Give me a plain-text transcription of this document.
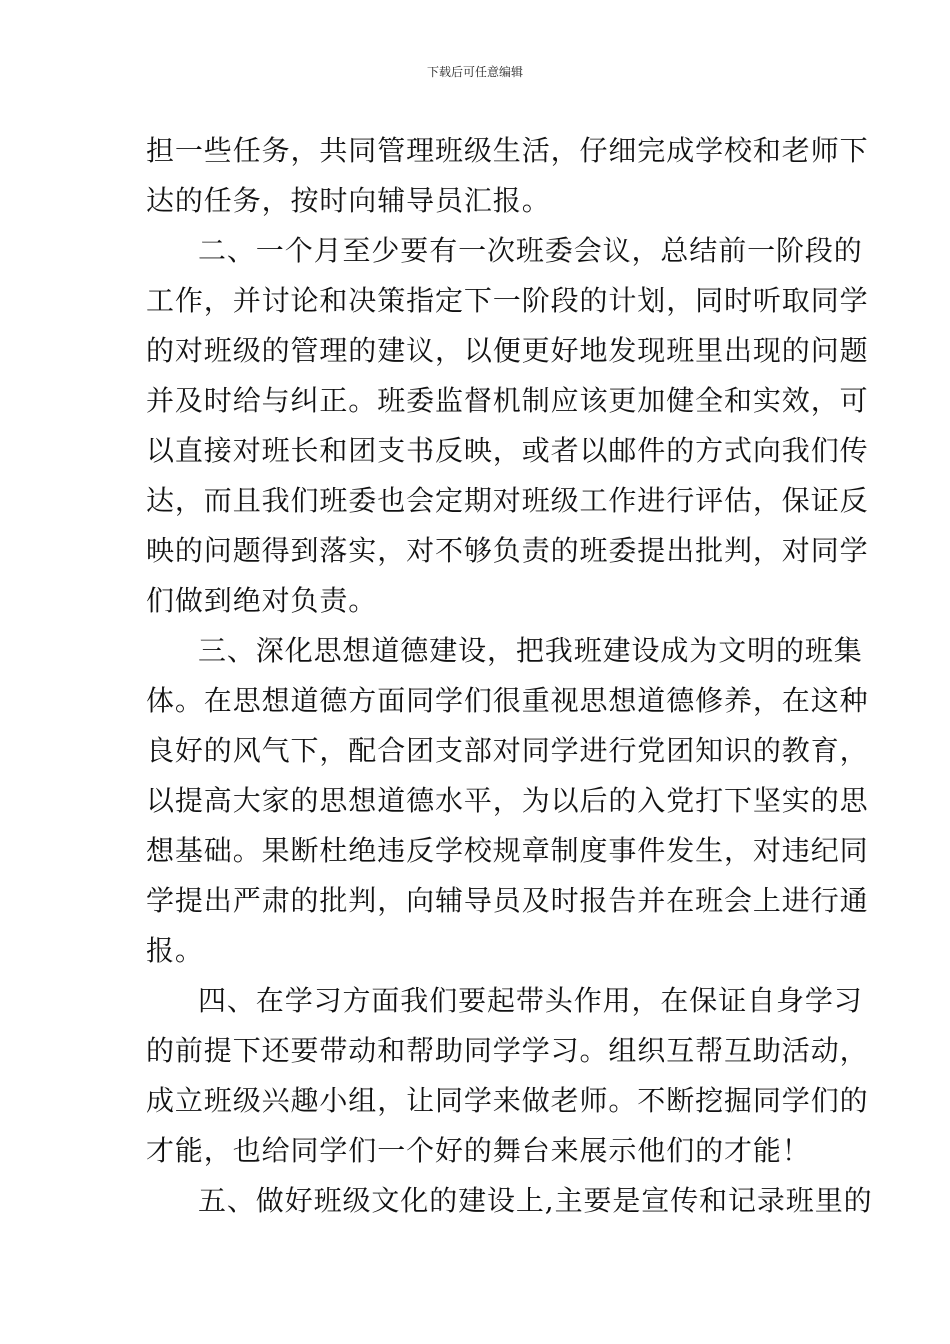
下载后可任意编辑
担一些任务，共同管理班级生活，仔细完成学校和老师下
达的任务，按时向辅导员汇报。
二、一个月至少要有一次班委会议，总结前一阶段的
工作，并讨论和决策指定下一阶段的计划，同时听取同学
的对班级的管理的建议，以便更好地发现班里出现的问题
并及时给与纠正。班委监督机制应该更加健全和实效，可
以直接对班长和团支书反映，或者以邮件的方式向我们传
达，而且我们班委也会定期对班级工作进行评估，保证反
映的问题得到落实，对不够负责的班委提出批判，对同学
们做到绝对负责。
三、深化思想道德建设，把我班建设成为文明的班集
体。在思想道德方面同学们很重视思想道德修养，在这种
良好的风气下，配合团支部对同学进行党团知识的教育，
以提高大家的思想道德水平，为以后的入党打下坚实的思
想基础。果断杜绝违反学校规章制度事件发生，对违纪同
学提出严肃的批判，向辅导员及时报告并在班会上进行通
报。
四、在学习方面我们要起带头作用，在保证自身学习
的前提下还要带动和帮助同学学习。组织互帮互助活动，
成立班级兴趣小组，让同学来做老师。不断挖掘同学们的
才能，也给同学们一个好的舞台来展示他们的才能！
五、做好班级文化的建设上,主要是宣传和记录班里的
